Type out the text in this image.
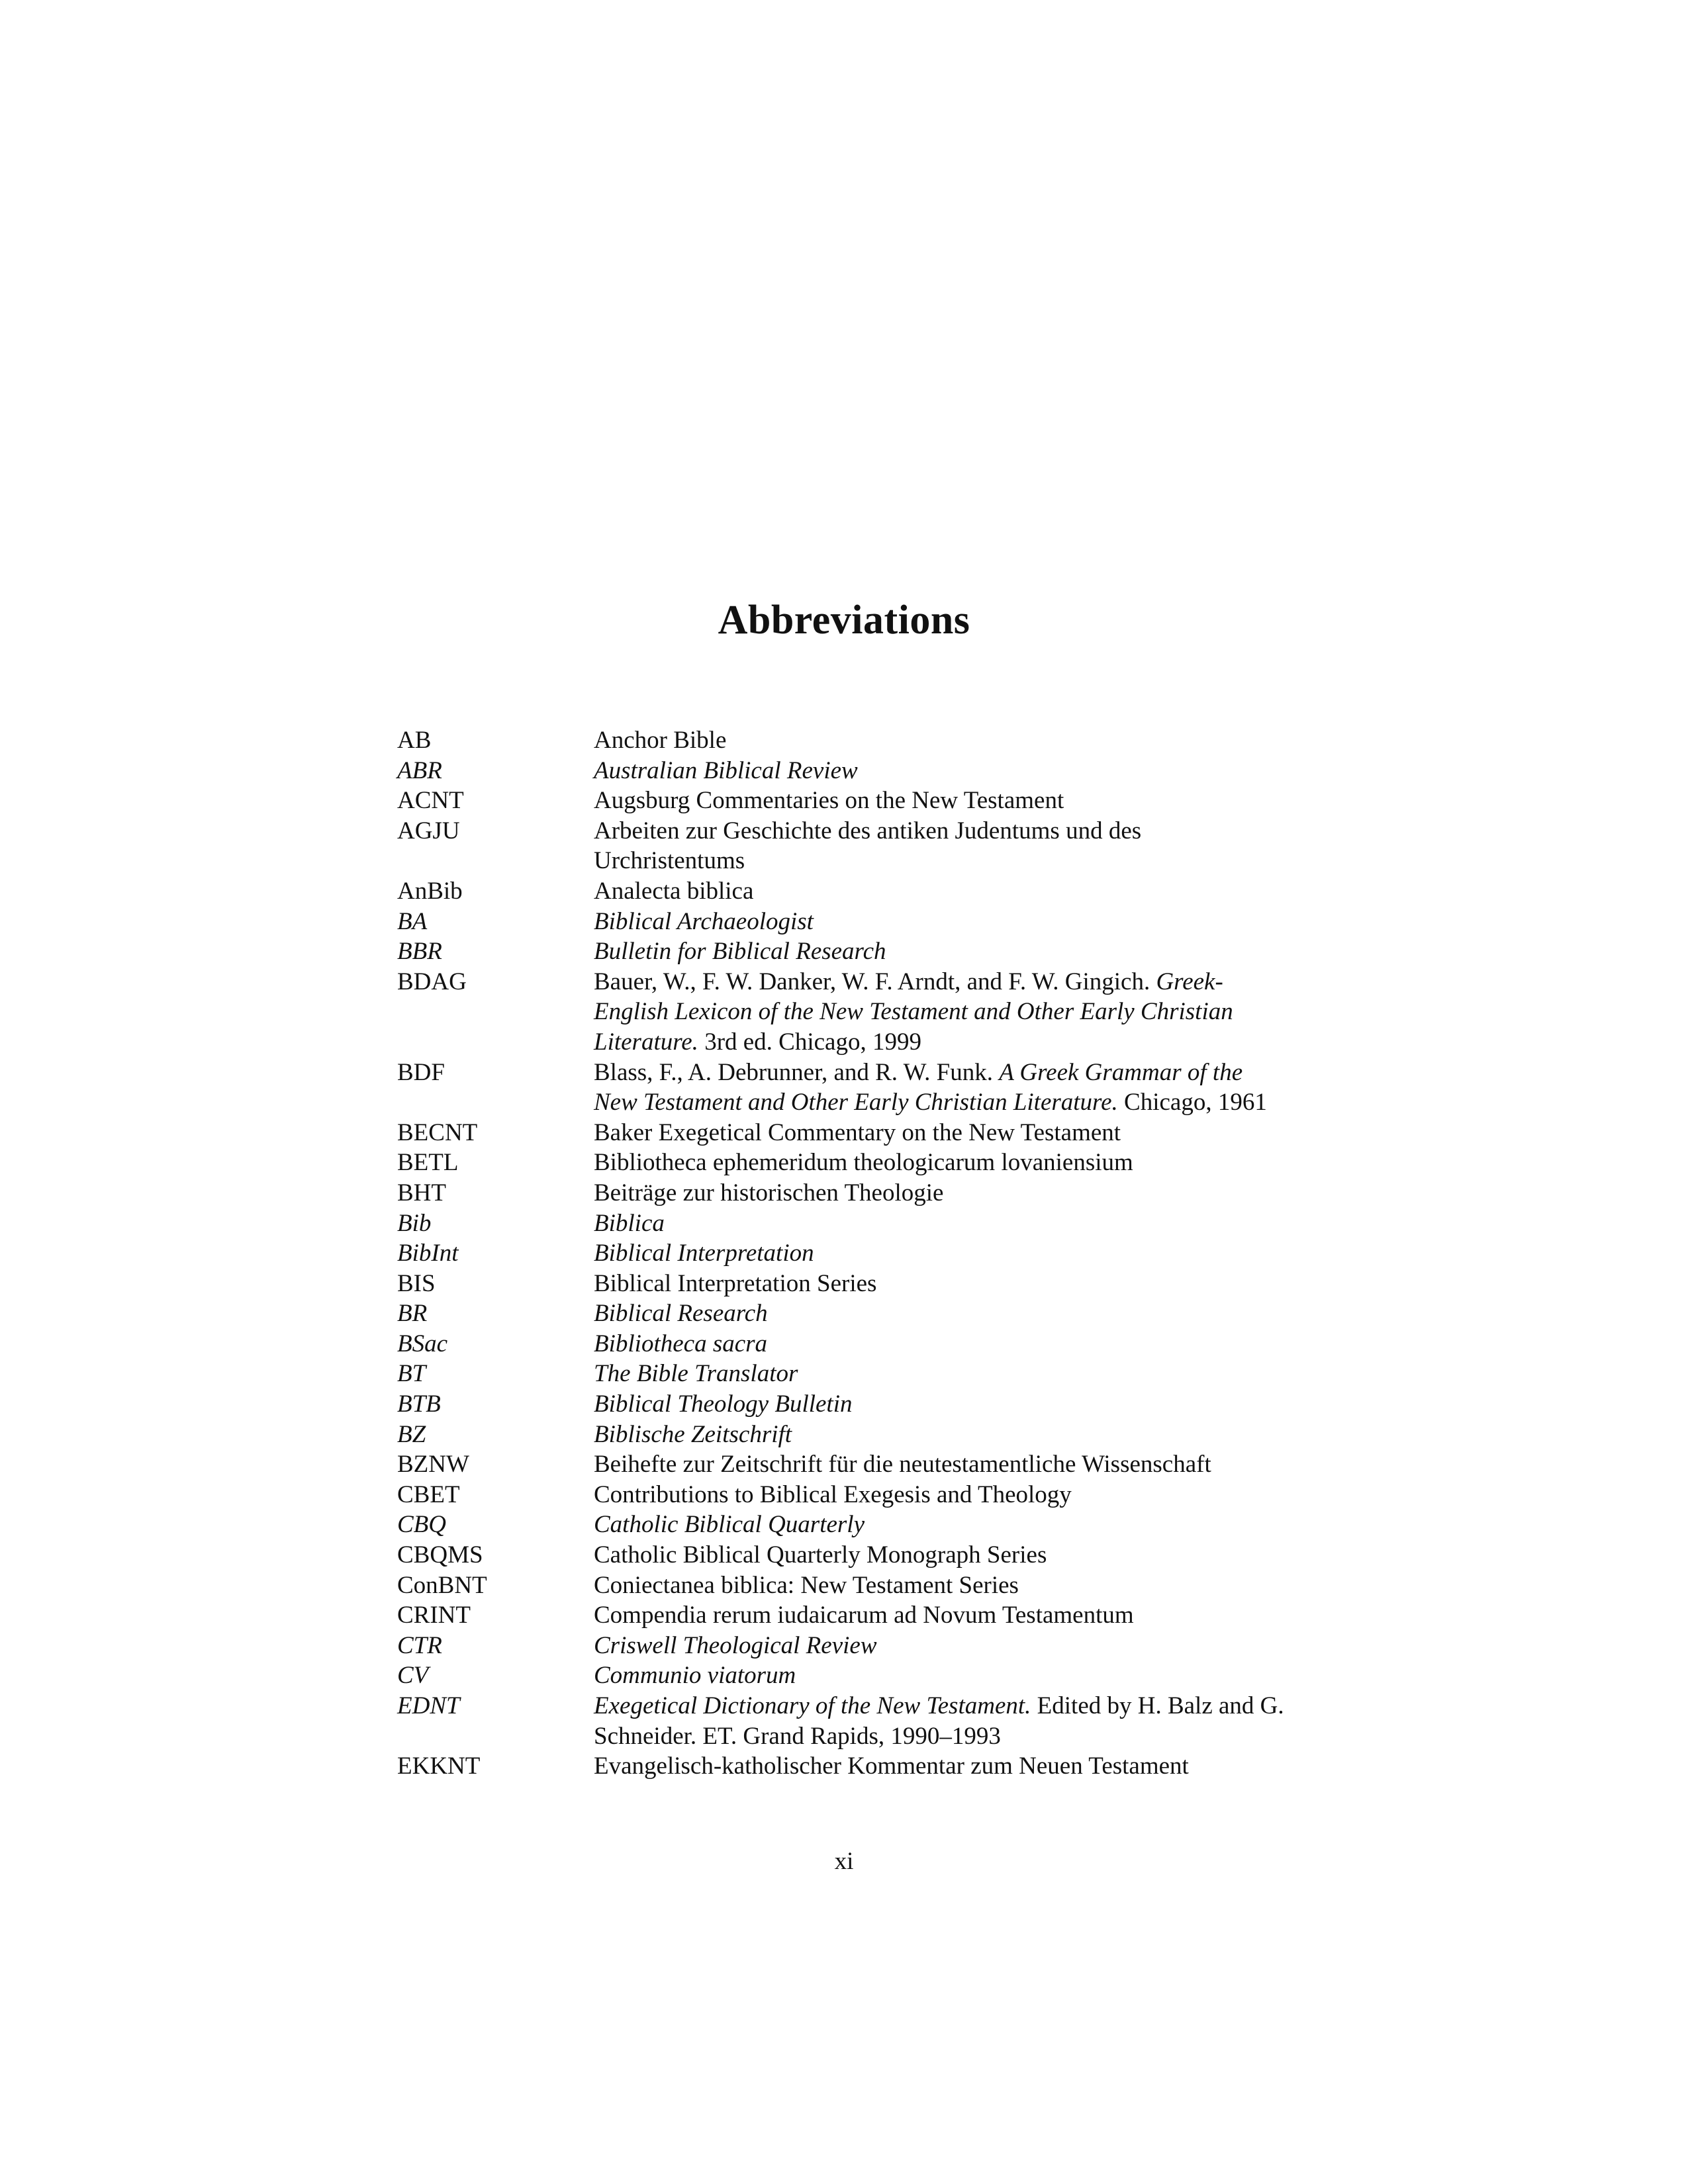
Abbreviations
AB	Anchor Bible
ABR	Australian Biblical Review
ACNT	Augsburg Commentaries on the New Testament
AGJU	Arbeiten zur Geschichte des antiken Judentums und des Urchristentums
AnBib	Analecta biblica
BA	Biblical Archaeologist
BBR	Bulletin for Biblical Research
BDAG	Bauer, W., F. W. Danker, W. F. Arndt, and F. W. Gingich. Greek-English Lexicon of the New Testament and Other Early Christian Literature. 3rd ed. Chicago, 1999
BDF	Blass, F., A. Debrunner, and R. W. Funk. A Greek Grammar of the New Testament and Other Early Christian Literature. Chicago, 1961
BECNT	Baker Exegetical Commentary on the New Testament
BETL	Bibliotheca ephemeridum theologicarum lovaniensium
BHT	Beiträge zur historischen Theologie
Bib	Biblica
BibInt	Biblical Interpretation
BIS	Biblical Interpretation Series
BR	Biblical Research
BSac	Bibliotheca sacra
BT	The Bible Translator
BTB	Biblical Theology Bulletin
BZ	Biblische Zeitschrift
BZNW	Beihefte zur Zeitschrift für die neutestamentliche Wissenschaft
CBET	Contributions to Biblical Exegesis and Theology
CBQ	Catholic Biblical Quarterly
CBQMS	Catholic Biblical Quarterly Monograph Series
ConBNT	Coniectanea biblica: New Testament Series
CRINT	Compendia rerum iudaicarum ad Novum Testamentum
CTR	Criswell Theological Review
CV	Communio viatorum
EDNT	Exegetical Dictionary of the New Testament. Edited by H. Balz and G. Schneider. ET. Grand Rapids, 1990–1993
EKKNT	Evangelisch-katholischer Kommentar zum Neuen Testament
xi
